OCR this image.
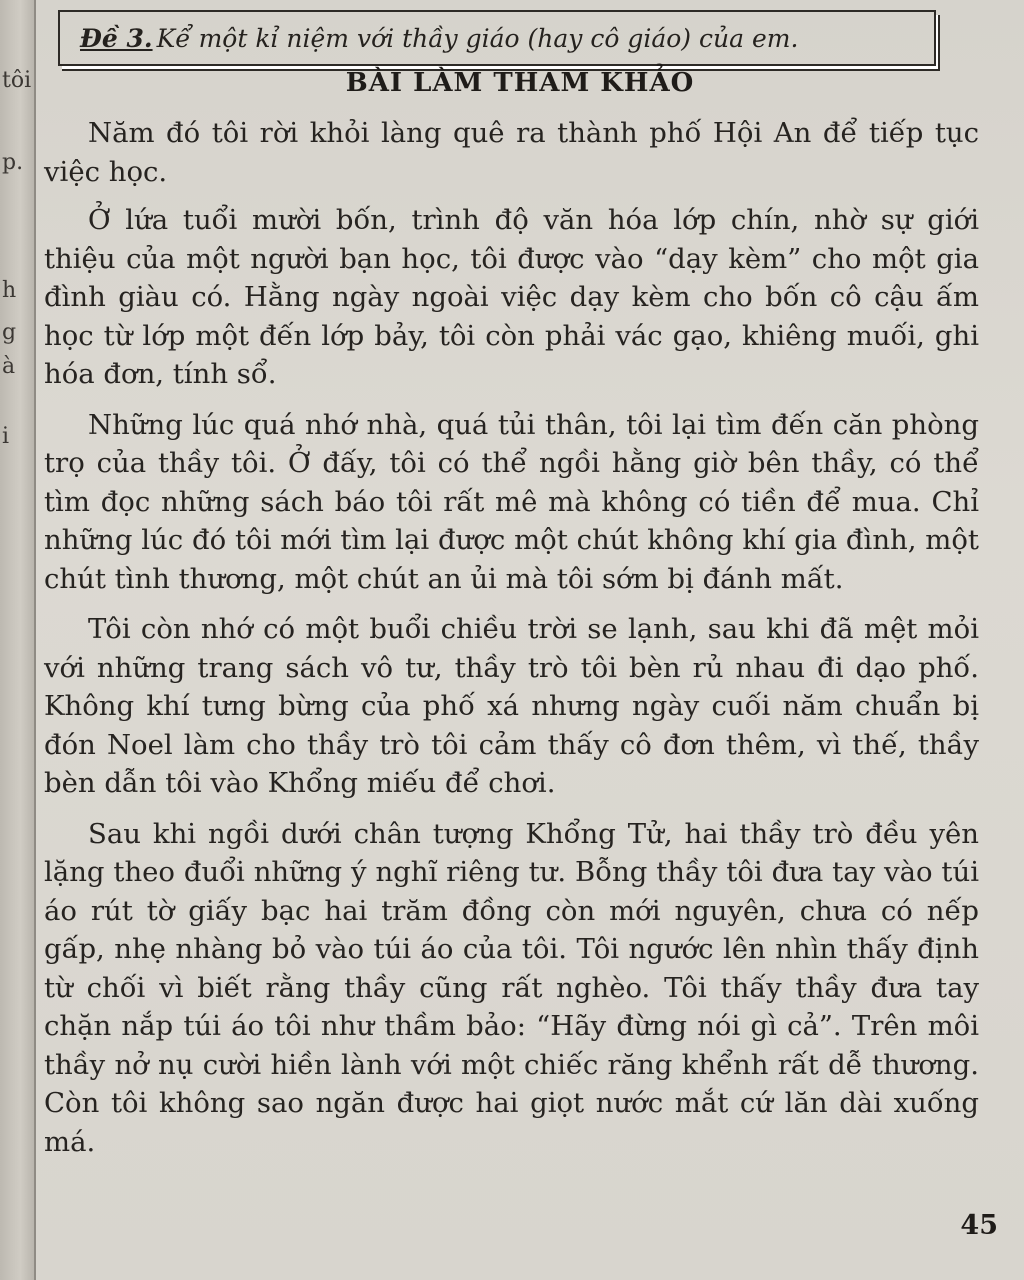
tôi
p.
h
g
à
i
Đề 3. Kể một kỉ niệm với thầy giáo (hay cô giáo) của em.
BÀI LÀM THAM KHẢO

Năm đó tôi rời khỏi làng quê ra thành phố Hội An để tiếp tục việc học.

Ở lứa tuổi mười bốn, trình độ văn hóa lớp chín, nhờ sự giới thiệu của một người bạn học, tôi được vào “dạy kèm” cho một gia đình giàu có. Hằng ngày ngoài việc dạy kèm cho bốn cô cậu ấm học từ lớp một đến lớp bảy, tôi còn phải vác gạo, khiêng muối, ghi hóa đơn, tính sổ.

Những lúc quá nhớ nhà, quá tủi thân, tôi lại tìm đến căn phòng trọ của thầy tôi. Ở đấy, tôi có thể ngồi hằng giờ bên thầy, có thể tìm đọc những sách báo tôi rất mê mà không có tiền để mua. Chỉ những lúc đó tôi mới tìm lại được một chút không khí gia đình, một chút tình thương, một chút an ủi mà tôi sớm bị đánh mất.

Tôi còn nhớ có một buổi chiều trời se lạnh, sau khi đã mệt mỏi với những trang sách vô tư, thầy trò tôi bèn rủ nhau đi dạo phố. Không khí tưng bừng của phố xá nhưng ngày cuối năm chuẩn bị đón Noel làm cho thầy trò tôi cảm thấy cô đơn thêm, vì thế, thầy bèn dẫn tôi vào Khổng miếu để chơi.

Sau khi ngồi dưới chân tượng Khổng Tử, hai thầy trò đều yên lặng theo đuổi những ý nghĩ riêng tư. Bỗng thầy tôi đưa tay vào túi áo rút tờ giấy bạc hai trăm đồng còn mới nguyên, chưa có nếp gấp, nhẹ nhàng bỏ vào túi áo của tôi. Tôi ngước lên nhìn thấy định từ chối vì biết rằng thầy cũng rất nghèo. Tôi thấy thầy đưa tay chặn nắp túi áo tôi như thầm bảo: “Hãy đừng nói gì cả”. Trên môi thầy nở nụ cười hiền lành với một chiếc răng khểnh rất dễ thương. Còn tôi không sao ngăn được hai giọt nước mắt cứ lăn dài xuống má.

45
